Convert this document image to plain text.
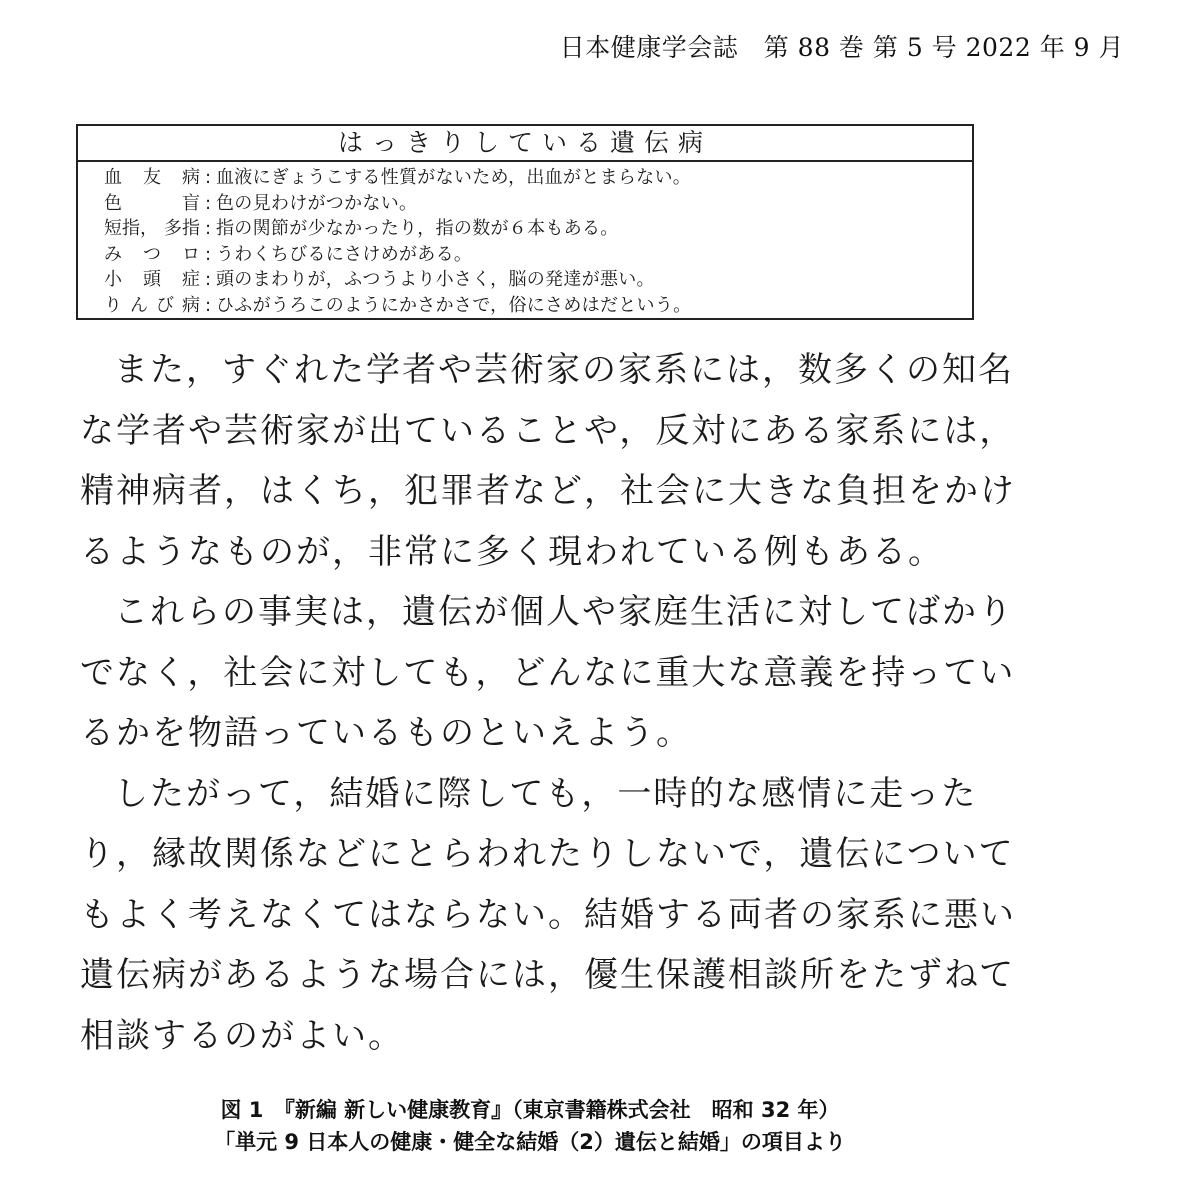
日本健康学会誌　第 88 巻 第 5 号 2022 年 9 月
はっきりしている遺伝病
血 友 病 : 血液にぎょうこする性質がないため，出血がとまらない。
色	盲 : 色の見わけがつかない。
短指， 多指 : 指の関節が少なかったり，指の数が６本もある。
み つ ロ : うわくちびるにさけめがある。
小 頭 症 : 頭のまわりが，ふつうより小さく，脳の発達が悪い。
り ん び 病 : ひふがうろこのようにかさかさで，俗にさめはだという。

また，すぐれた学者や芸術家の家系には，数多くの知名な学者や芸術家が出ていることや，反対にある家系には，精神病者，はくち，犯罪者など，社会に大きな負担をかけるようなものが，非常に多く現われている例もある。

これらの事実は，遺伝が個人や家庭生活に対してばかりでなく，社会に対しても，どんなに重大な意義を持っているかを物語っているものといえよう。

したがって，結婚に際しても，一時的な感情に走ったり，縁故関係などにとらわれたりしないで，遺伝についてもよく考えなくてはならない。結婚する両者の家系に悪い遺伝病があるような場合には，優生保護相談所をたずねて相談するのがよい。

図 1　『新編 新しい健康教育』（東京書籍株式会社　昭和 32 年）
「単元 9 日本人の健康・健全な結婚（2）遺伝と結婚」の項目より
